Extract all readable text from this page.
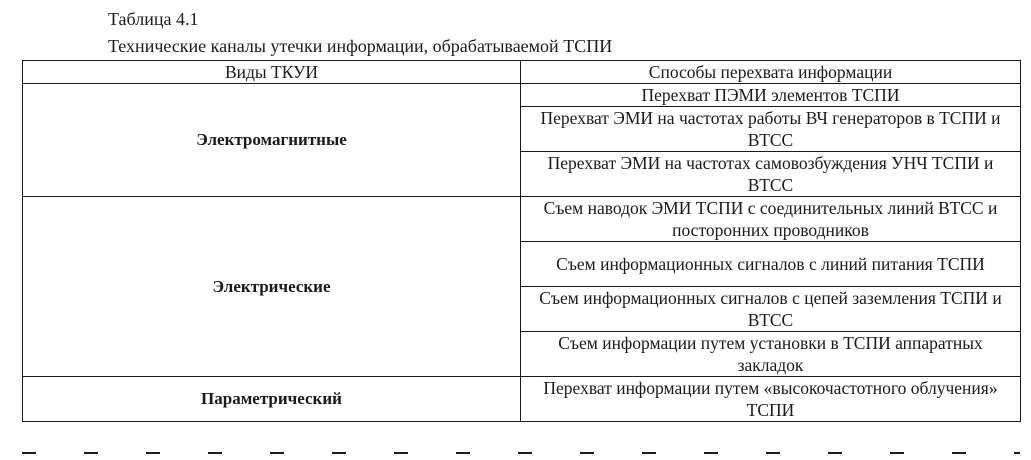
Таблица 4.1
Технические каналы утечки информации, обрабатываемой ТСПИ
Виды ТКУИ	Способы перехвата информации
Электромагнитные	Перехват ПЭМИ элементов ТСПИ
	Перехват ЭМИ на частотах работы ВЧ генераторов в ТСПИ и ВТСС
	Перехват ЭМИ на частотах самовозбуждения УНЧ ТСПИ и ВТСС
Электрические	Съем наводок ЭМИ ТСПИ с соединительных линий ВТСС и посторонних проводников
	Съем информационных сигналов с линий питания ТСПИ
	Съем информационных сигналов с цепей заземления ТСПИ и ВТСС
	Съем информации путем установки в ТСПИ аппаратных закладок
Параметрический	Перехват информации путем «высокочастотного облучения» ТСПИ
